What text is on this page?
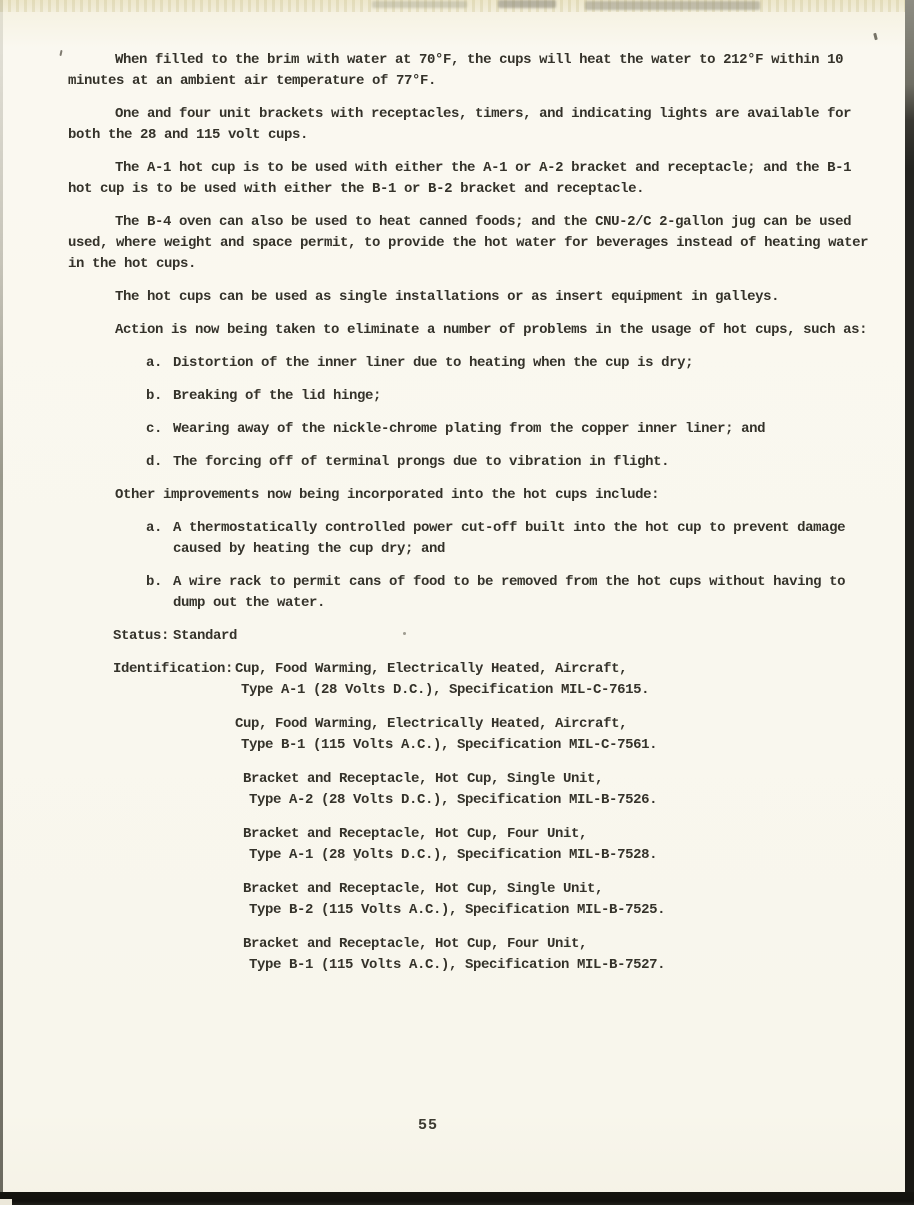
When filled to the brim with water at 70°F, the cups will heat the water to 212°F within 10 minutes at an ambient air temperature of 77°F.

One and four unit brackets with receptacles, timers, and indicating lights are available for both the 28 and 115 volt cups.

The A-1 hot cup is to be used with either the A-1 or A-2 bracket and receptacle; and the B-1 hot cup is to be used with either the B-1 or B-2 bracket and receptacle.

The B-4 oven can also be used to heat canned foods; and the CNU-2/C 2-gallon jug can be used used, where weight and space permit, to provide the hot water for beverages instead of heating water in the hot cups.

The hot cups can be used as single installations or as insert equipment in galleys.

Action is now being taken to eliminate a number of problems in the usage of hot cups, such as:

a. Distortion of the inner liner due to heating when the cup is dry;
b. Breaking of the lid hinge;
c. Wearing away of the nickle-chrome plating from the copper inner liner; and
d. The forcing off of terminal prongs due to vibration in flight.

Other improvements now being incorporated into the hot cups include:

a. A thermostatically controlled power cut-off built into the hot cup to prevent damage caused by heating the cup dry; and
b. A wire rack to permit cans of food to be removed from the hot cups without having to dump out the water.
Status: Standard
Identification: Cup, Food Warming, Electrically Heated, Aircraft,
Type A-1 (28 Volts D.C.), Specification MIL-C-7615.
Cup, Food Warming, Electrically Heated, Aircraft,
Type B-1 (115 Volts A.C.), Specification MIL-C-7561.
Bracket and Receptacle, Hot Cup, Single Unit,
Type A-2 (28 Volts D.C.), Specification MIL-B-7526.
Bracket and Receptacle, Hot Cup, Four Unit,
Type A-1 (28 Volts D.C.), Specification MIL-B-7528.
Bracket and Receptacle, Hot Cup, Single Unit,
Type B-2 (115 Volts A.C.), Specification MIL-B-7525.
Bracket and Receptacle, Hot Cup, Four Unit,
Type B-1 (115 Volts A.C.), Specification MIL-B-7527.
55
